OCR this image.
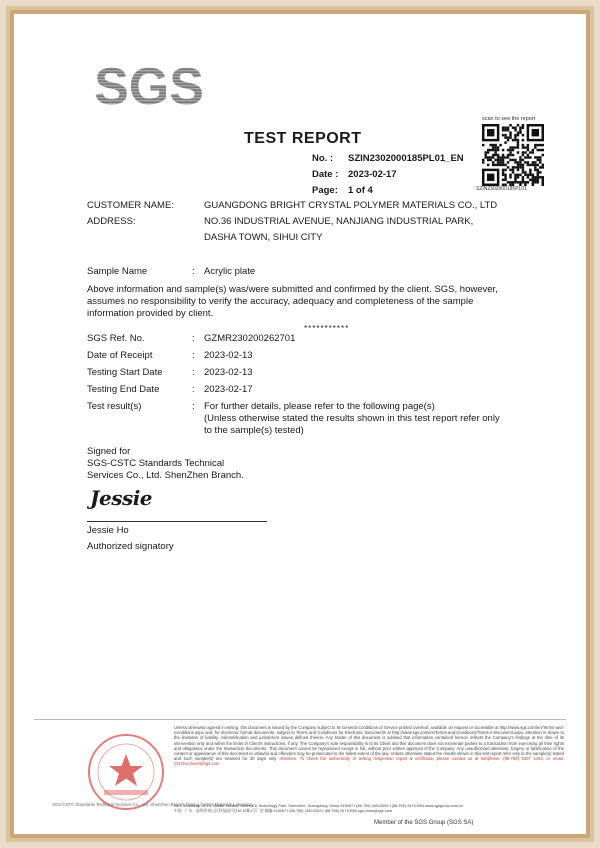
SGS
TEST REPORT
No. : SZIN2302000185PL01_EN
Date : 2023-02-17
Page: 1 of 4
scan to see the report
SZIN2302000185PL01
CUSTOMER NAME:	GUANGDONG BRIGHT CRYSTAL POLYMER MATERIALS CO., LTD
ADDRESS:	NO.36 INDUSTRIAL AVENUE, NANJIANG INDUSTRIAL PARK,
DASHA TOWN, SIHUI CITY
Sample Name	: Acrylic plate
Above information and sample(s) was/were submitted and confirmed by the client. SGS, however, assumes no responsibility to verify the accuracy, adequacy and completeness of the sample information provided by client.
***********
SGS Ref. No.	: GZMR230200262701
Date of Receipt	: 2023-02-13
Testing Start Date	: 2023-02-13
Testing End Date	: 2023-02-17
Test result(s)	: For further details, please refer to the following page(s)
(Unless otherwise stated the results shown in this test report refer only
to the sample(s) tested)
Signed for
SGS-CSTC Standards Technical
Services Co., Ltd. ShenZhen Branch.
Jessie
Jessie Ho
Authorized signatory
SGS-CSTC Standards Technical Services Co., Ltd. Shenzhen Branch Testing Center Materials Laboratory
Unless otherwise agreed in writing, this document is issued by the Company subject to its General Conditions of Service printed overleaf, available on request or accessible at http://www.sgs.com/en/Terms-and-Conditions.aspx and, for electronic format documents, subject to Terms and Conditions for Electronic Documents at http://www.sgs.com/en/Terms-and-Conditions/Terms-e-Document.aspx. Attention is drawn to the limitation of liability, indemnification and jurisdiction issues defined therein. Any holder of this document is advised that information contained hereon reflects the Company's findings at the time of its intervention only and within the limits of Client's instructions, if any. The Company's sole responsibility is to its Client and this document does not exonerate parties to a transaction from exercising all their rights and obligations under the transaction documents. This document cannot be reproduced except in full, without prior written approval of the Company. Any unauthorized alteration, forgery or falsification of the content or appearance of this document is unlawful and offenders may be prosecuted to the fullest extent of the law. Unless otherwise stated the results shown in this test report refer only to the sample(s) tested and such sample(s) are retained for 30 days only. Attention: To check the authenticity of testing /inspection report & certificate, please contact us at telephone: (86-755) 8307 1443, or email: CN.Doccheck@sgs.com
No.1 Workshop, M-10, Middle Section, Science & Technology Park, Shenzhen, Guangdong, China 518057 t (86-755) 26012053 f (86-755) 26710594 www.sgsgroup.com.cn
中国 · 广东 · 深圳市南山区科技园中区M-10栋1号厂房 邮编:518057 t (86-755) 26012053 f (86-755) 26710594 sgs.china@sgs.com
Member of the SGS Group (SGS SA)
